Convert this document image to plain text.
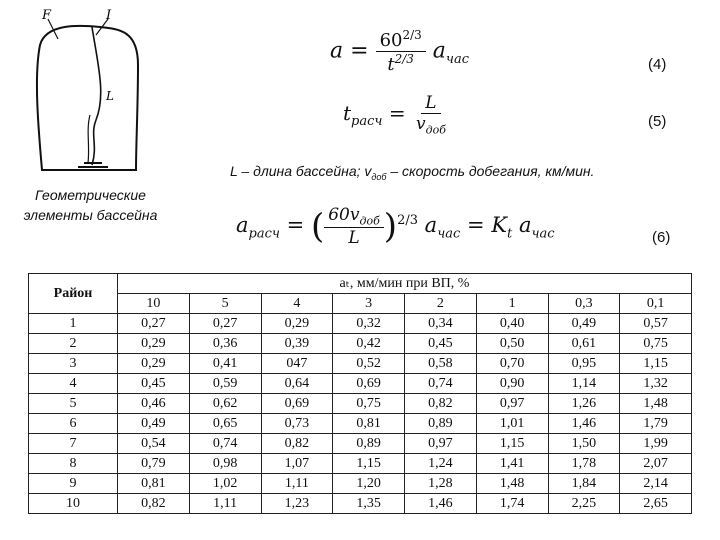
F	I
L
Геометрические
элементы бассейна
$a = \frac{60^{2/3}}{t^{2/3}} a_{час}$	(4)
$t_{расч} = \frac{L}{v_{доб}}$	(5)
L – длина бассейна; $v_{доб}$ – скорость добегания, км/мин.
$a_{расч}$ = ( $\frac{60v_{доб}}{L} )^{2/3}$ $a_{час} = K_t$ $a_{час}$	(6)
Район	aₜ, мм/мин при ВП, %							
	10	5	4	3	2	1	0,3	0,1
1	0,27	0,27	0,29	0,32	0,34	0,40	0,49	0,57
2	0,29	0,36	0,39	0,42	0,45	0,50	0,61	0,75
3	0,29	0,41	047	0,52	0,58	0,70	0,95	1,15
4	0,45	0,59	0,64	0,69	0,74	0,90	1,14	1,32
5	0,46	0,62	0,69	0,75	0,82	0,97	1,26	1,48
6	0,49	0,65	0,73	0,81	0,89	1,01	1,46	1,79
7	0,54	0,74	0,82	0,89	0,97	1,15	1,50	1,99
8	0,79	0,98	1,07	1,15	1,24	1,41	1,78	2,07
9	0,81	1,02	1,11	1,20	1,28	1,48	1,84	2,14
10	0,82	1,11	1,23	1,35	1,46	1,74	2,25	2,65
